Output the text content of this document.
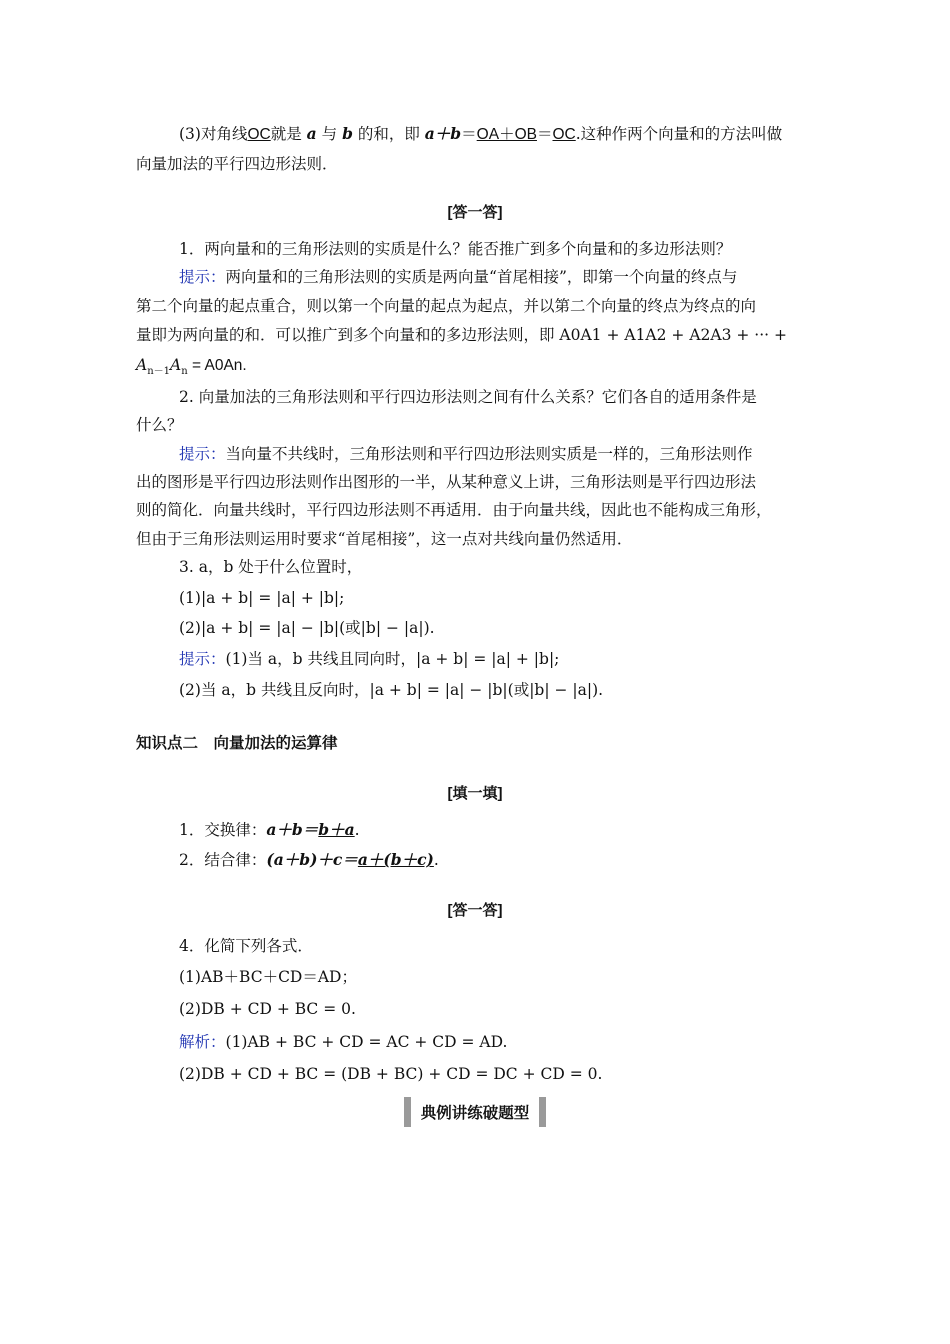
(3)对角线OC就是 a 与 b 的和，即 a＋b＝OA＋OB＝OC.这种作两个向量和的方法叫做
向量加法的平行四边形法则．
[答一答]
1．两向量和的三角形法则的实质是什么？能否推广到多个向量和的多边形法则？
提示：两向量和的三角形法则的实质是两向量“首尾相接”，即第一个向量的终点与
第二个向量的起点重合，则以第一个向量的起点为起点，并以第二个向量的终点为终点的向
量即为两向量的和．可以推广到多个向量和的多边形法则，即 A0A1 + A1A2 + A2A3 + ··· +
$A_{n-1}A_n = A0An$.
2. 向量加法的三角形法则和平行四边形法则之间有什么关系？它们各自的适用条件是
什么？
提示：当向量不共线时，三角形法则和平行四边形法则实质是一样的，三角形法则作
出的图形是平行四边形法则作出图形的一半，从某种意义上讲，三角形法则是平行四边形法
则的简化．向量共线时，平行四边形法则不再适用．由于向量共线，因此也不能构成三角形，
但由于三角形法则运用时要求“首尾相接”，这一点对共线向量仍然适用．
3. a，b 处于什么位置时，
(1)|a + b| = |a| + |b|;
(2)|a + b| = |a| − |b|(或|b| − |a|).
提示：(1)当 a，b 共线且同向时，|a + b| = |a| + |b|;
(2)当 a，b 共线且反向时，|a + b| = |a| − |b|(或|b| − |a|).
知识点二　向量加法的运算律
[填一填]
1．交换律：a＋b＝b＋a.
2．结合律：(a＋b)＋c＝a＋(b＋c).
[答一答]
4．化简下列各式．
(1)AB＋BC＋CD＝AD；
(2)DB + CD + BC = 0.
解析：(1)AB + BC + CD = AC + CD = AD.
(2)DB + CD + BC = (DB + BC) + CD = DC + CD = 0.
典例讲练破题型
